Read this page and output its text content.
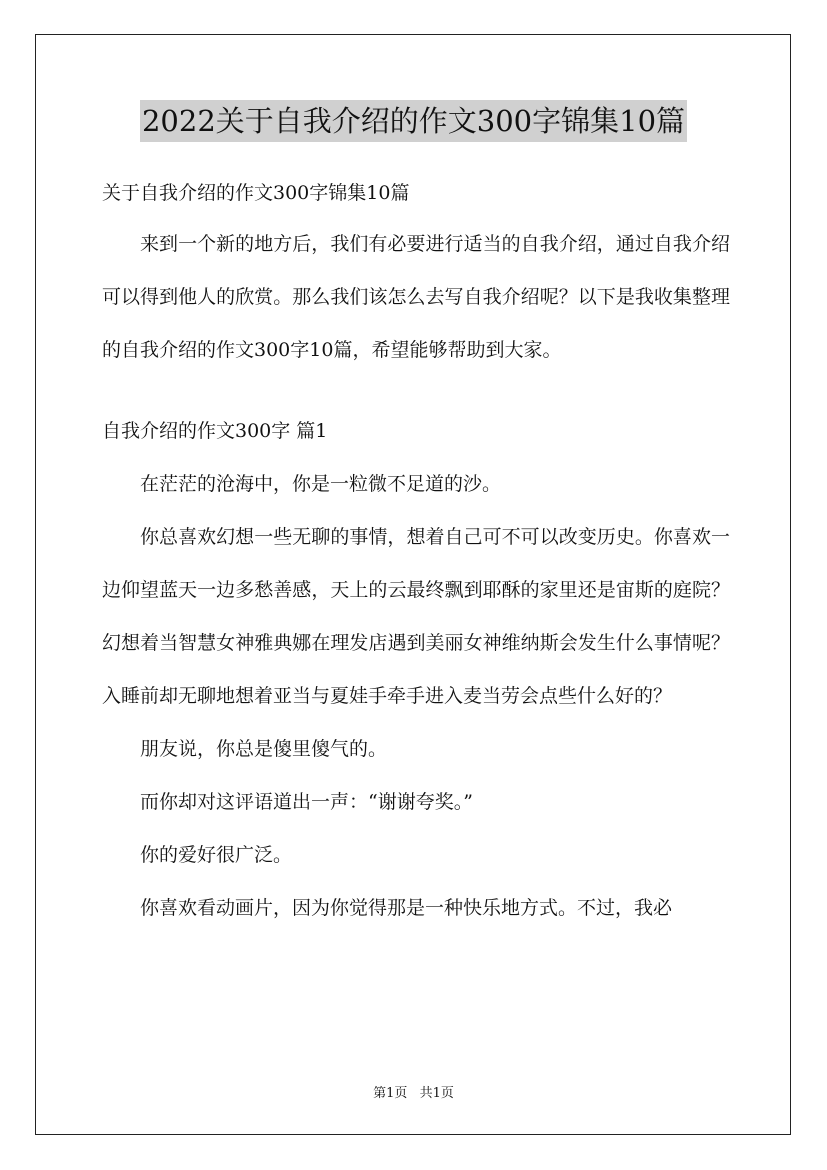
2022关于自我介绍的作文300字锦集10篇

关于自我介绍的作文300字锦集10篇

来到一个新的地方后，我们有必要进行适当的自我介绍，通过自我介绍可以得到他人的欣赏。那么我们该怎么去写自我介绍呢？以下是我收集整理的自我介绍的作文300字10篇，希望能够帮助到大家。

自我介绍的作文300字 篇1

在茫茫的沧海中，你是一粒微不足道的沙。

你总喜欢幻想一些无聊的事情，想着自己可不可以改变历史。你喜欢一边仰望蓝天一边多愁善感，天上的云最终飘到耶酥的家里还是宙斯的庭院？幻想着当智慧女神雅典娜在理发店遇到美丽女神维纳斯会发生什么事情呢？入睡前却无聊地想着亚当与夏娃手牵手进入麦当劳会点些什么好的？

朋友说，你总是傻里傻气的。

而你却对这评语道出一声：“谢谢夸奖。”

你的爱好很广泛。

你喜欢看动画片，因为你觉得那是一种快乐地方式。不过，我必

第1页 共1页
